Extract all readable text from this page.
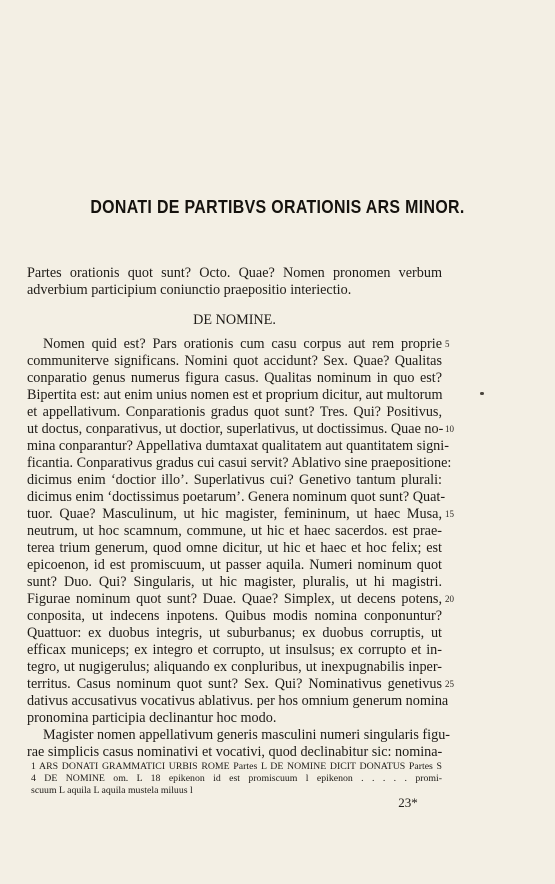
DONATI DE PARTIBVS ORATIONIS ARS MINOR.
Partes orationis quot sunt? Octo. Quae? Nomen pronomen verbum
adverbium participium coniunctio praepositio interiectio.
DE NOMINE.
Nomen quid est? Pars orationis cum casu corpus aut rem proprie
communiterve significans. Nomini quot accidunt? Sex. Quae? Qualitas
conparatio genus numerus figura casus. Qualitas nominum in quo est?
Bipertita est: aut enim unius nomen est et proprium dicitur, aut multorum
et appellativum. Conparationis gradus quot sunt? Tres. Qui? Positivus,
ut doctus, conparativus, ut doctior, superlativus, ut doctissimus. Quae no-
mina conparantur? Appellativa dumtaxat qualitatem aut quantitatem signi-
ficantia. Conparativus gradus cui casui servit? Ablativo sine praepositione:
dicimus enim ‘doctior illo’. Superlativus cui? Genetivo tantum plurali:
dicimus enim ‘doctissimus poetarum’. Genera nominum quot sunt? Quat-
tuor. Quae? Masculinum, ut hic magister, femininum, ut haec Musa,
neutrum, ut hoc scamnum, commune, ut hic et haec sacerdos. est prae-
terea trium generum, quod omne dicitur, ut hic et haec et hoc felix; est
epicoenon, id est promiscuum, ut passer aquila. Numeri nominum quot
sunt? Duo. Qui? Singularis, ut hic magister, pluralis, ut hi magistri.
Figurae nominum quot sunt? Duae. Quae? Simplex, ut decens potens,
conposita, ut indecens inpotens. Quibus modis nomina conponuntur?
Quattuor: ex duobus integris, ut suburbanus; ex duobus corruptis, ut
efficax municeps; ex integro et corrupto, ut insulsus; ex corrupto et in-
tegro, ut nugigerulus; aliquando ex conpluribus, ut inexpugnabilis inper-
territus. Casus nominum quot sunt? Sex. Qui? Nominativus genetivus
dativus accusativus vocativus ablativus. per hos omnium generum nomina
pronomina participia declinantur hoc modo.
Magister nomen appellativum generis masculini numeri singularis figu-
rae simplicis casus nominativi et vocativi, quod declinabitur sic: nomina-
5
10
15
20
25
1 ARS DONATI GRAMMATICI URBIS ROME Partes L DE NOMINE DICIT DONATUS Partes S
4 DE NOMINE om. L 18 epikenon id est promiscuum l epikenon . . . . . promi-
scuum L aquila L aquila mustela miluus l
23*
